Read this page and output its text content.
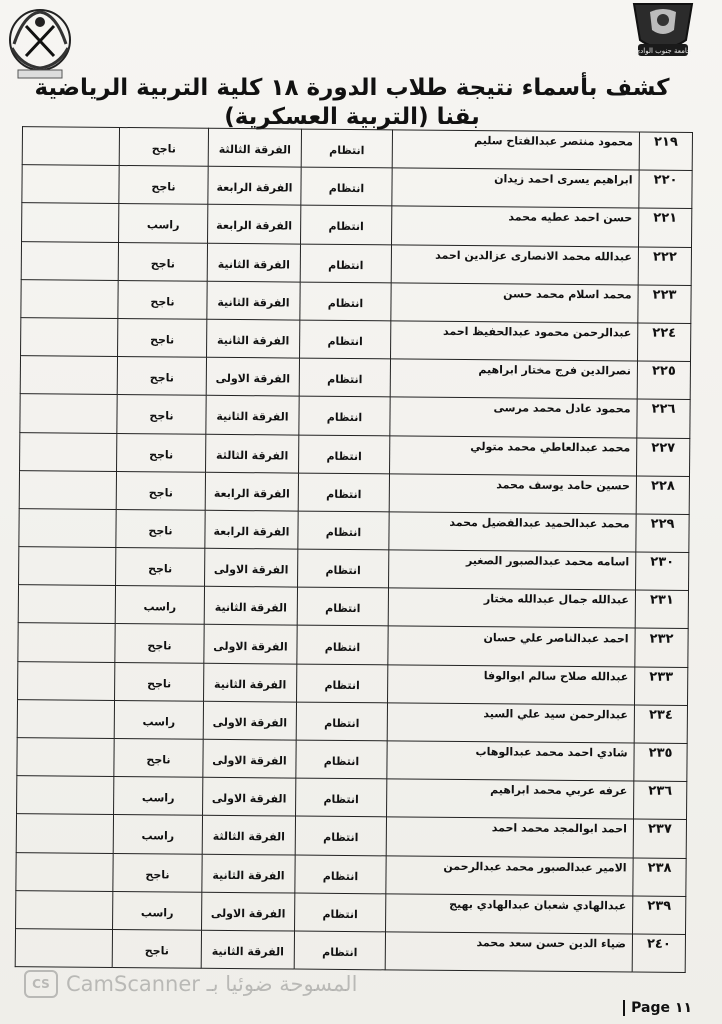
جامعة جنوب الوادي
كشف بأسماء نتيجة طلاب الدورة ١٨ كلية التربية الرياضية بقنا (التربية العسكرية)
	ناجح	الفرقة الثالثة	انتظام	محمود منتصر عبدالفتاح سليم	٢١٩
	ناجح	الفرقة الرابعة	انتظام	ابراهيم يسرى احمد زيدان	٢٢٠
	راسب	الفرقة الرابعة	انتظام	حسن احمد عطيه محمد	٢٢١
	ناجح	الفرقة الثانية	انتظام	عبدالله محمد الانصارى عزالدين احمد	٢٢٢
	ناجح	الفرقة الثانية	انتظام	محمد اسلام محمد حسن	٢٢٣
	ناجح	الفرقة الثانية	انتظام	عبدالرحمن محمود عبدالحفيظ احمد	٢٢٤
	ناجح	الفرقة الاولى	انتظام	نصرالدين فرج مختار ابراهيم	٢٢٥
	ناجح	الفرقة الثانية	انتظام	محمود عادل محمد مرسى	٢٢٦
	ناجح	الفرقة الثالثة	انتظام	محمد عبدالعاطي محمد متولي	٢٢٧
	ناجح	الفرقة الرابعة	انتظام	حسين حامد يوسف محمد	٢٢٨
	ناجح	الفرقة الرابعة	انتظام	محمد عبدالحميد عبدالفضيل محمد	٢٢٩
	ناجح	الفرقة الاولى	انتظام	اسامه محمد عبدالصبور الصغير	٢٣٠
	راسب	الفرقة الثانية	انتظام	عبدالله جمال عبدالله مختار	٢٣١
	ناجح	الفرقة الاولى	انتظام	احمد عبدالناصر علي حسان	٢٣٢
	ناجح	الفرقة الثانية	انتظام	عبدالله صلاح سالم ابوالوفا	٢٣٣
	راسب	الفرقة الاولى	انتظام	عبدالرحمن سيد علي السيد	٢٣٤
	ناجح	الفرقة الاولى	انتظام	شادي احمد محمد عبدالوهاب	٢٣٥
	راسب	الفرقة الاولى	انتظام	عرفه عربي محمد ابراهيم	٢٣٦
	راسب	الفرقة الثالثة	انتظام	احمد ابوالمجد محمد احمد	٢٣٧
	ناجح	الفرقة الثانية	انتظام	الامير عبدالصبور محمد عبدالرحمن	٢٣٨
	راسب	الفرقة الاولى	انتظام	عبدالهادي شعبان عبدالهادي بهيج	٢٣٩
	ناجح	الفرقة الثانية	انتظام	ضياء الدين حسن سعد محمد	٢٤٠
CS CamScanner المسوحة ضوئيا بـ
Page ١١
